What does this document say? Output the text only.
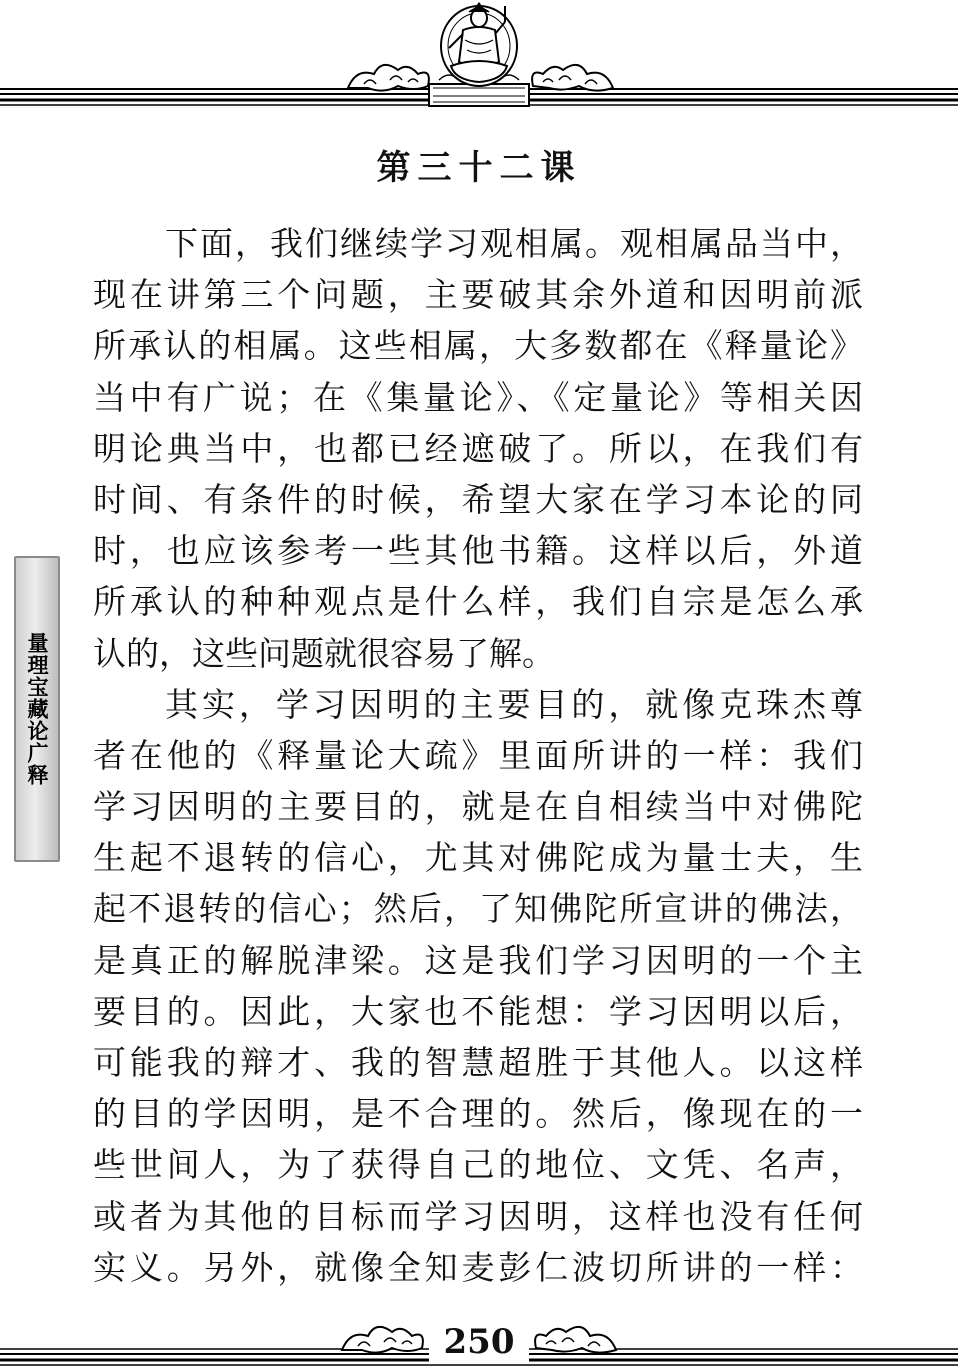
量理宝藏论广释
第三十二课
下面，我们继续学习观相属。观相属品当中，
现在讲第三个问题，主要破其余外道和因明前派
所承认的相属。这些相属，大多数都在《释量论》
当中有广说；在《集量论》、《定量论》等相关因
明论典当中，也都已经遮破了。所以，在我们有
时间、有条件的时候，希望大家在学习本论的同
时，也应该参考一些其他书籍。这样以后，外道
所承认的种种观点是什么样，我们自宗是怎么承
认的，这些问题就很容易了解。
其实，学习因明的主要目的，就像克珠杰尊
者在他的《释量论大疏》里面所讲的一样：我们
学习因明的主要目的，就是在自相续当中对佛陀
生起不退转的信心，尤其对佛陀成为量士夫，生
起不退转的信心；然后，了知佛陀所宣讲的佛法，
是真正的解脱津梁。这是我们学习因明的一个主
要目的。因此，大家也不能想：学习因明以后，
可能我的辩才、我的智慧超胜于其他人。以这样
的目的学因明，是不合理的。然后，像现在的一
些世间人，为了获得自己的地位、文凭、名声，
或者为其他的目标而学习因明，这样也没有任何
实义。另外，就像全知麦彭仁波切所讲的一样：
250
